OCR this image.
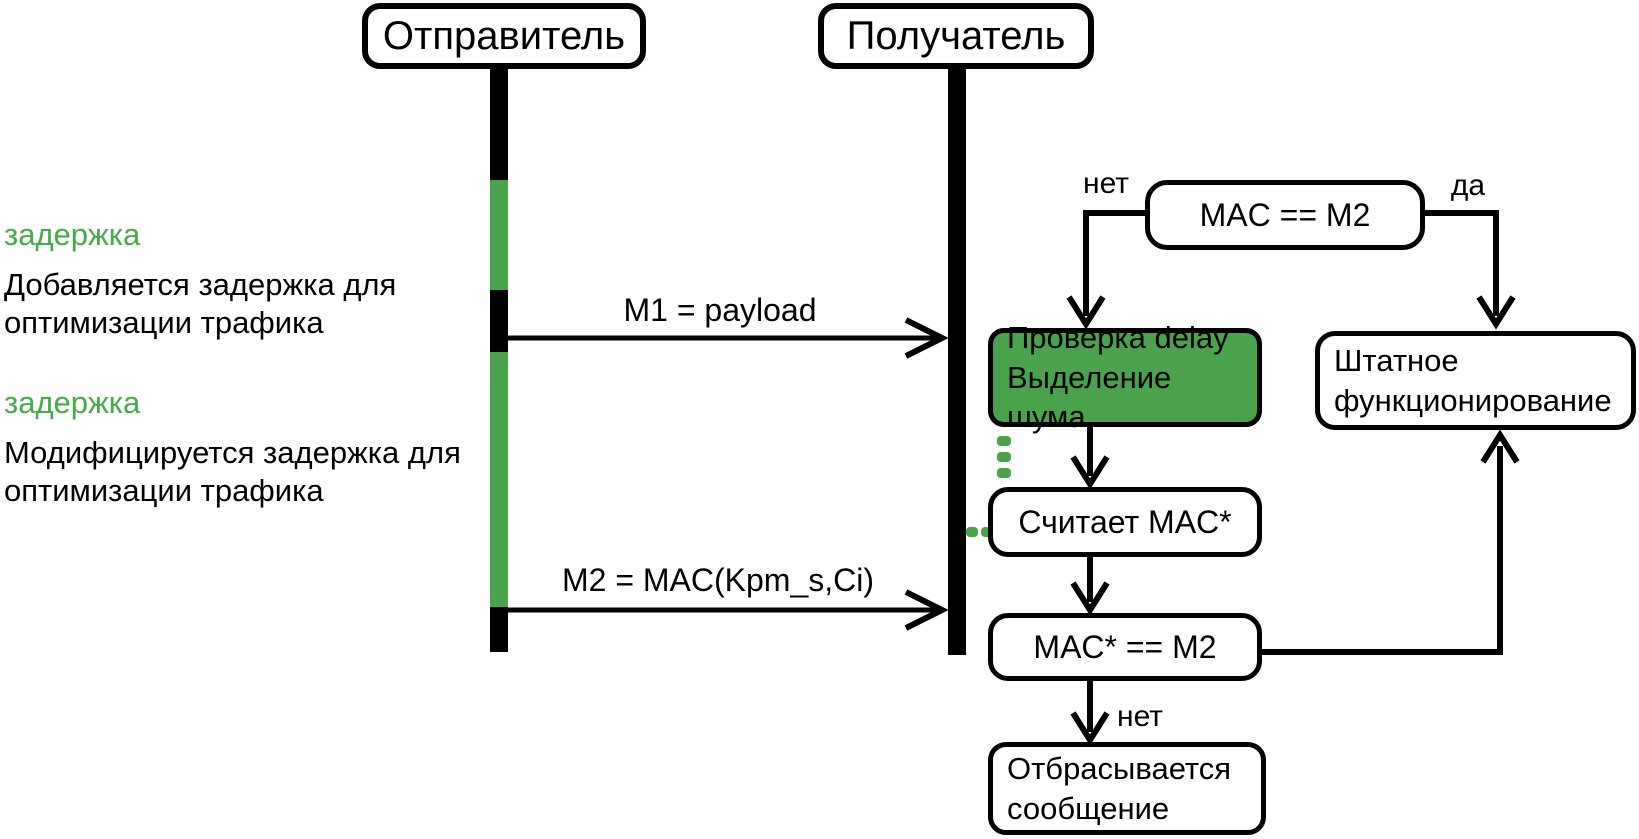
Отправитель	Получатель
задержка
Добавляется задержка для
оптимизации трафика
задержка
Модифицируется задержка для
оптимизации трафика
M1 = payload
M2 = MAC(Kpm_s,Ci)
MAC == M2
нет	да
Проверка delay
Выделение шума
Штатное
функционирование
Считает MAC*
MAC* == M2
нет
Отбрасывается
сообщение
